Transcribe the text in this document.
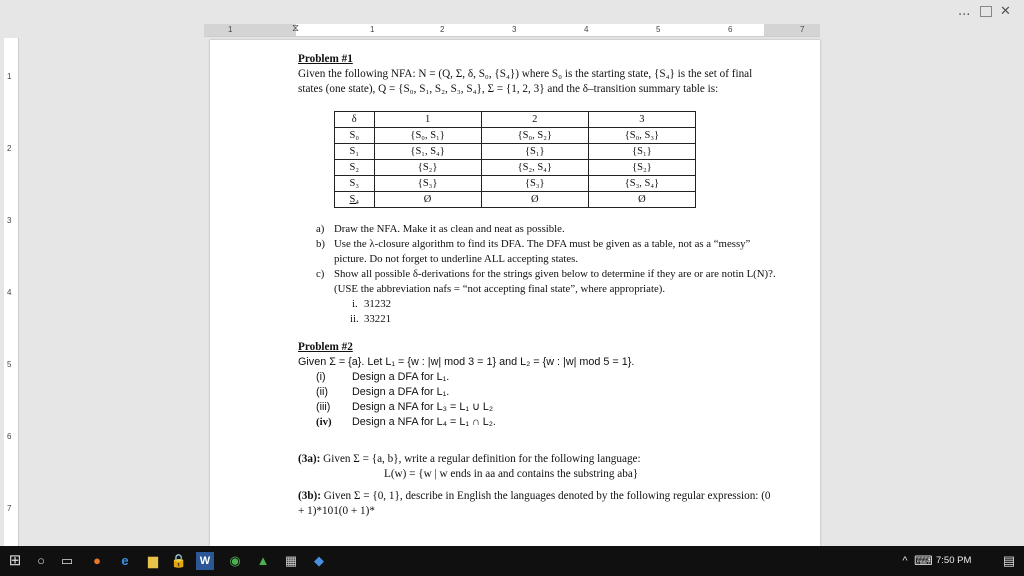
... ✕
1	⧖	1	2	3	4	5	6	7
1
2
3
4
5
6
7

Problem #1

Given the following NFA: N = (Q, Σ, δ, S₀, {S₄}) where S₀ is the starting state, {S₄} is the set of final states (one state), Q = {S₀, S₁, S₂, S₃, S₄}, Σ = {1, 2, 3} and the δ–transition summary table is:

δ	1	2	3
S₀	{S₀, S₁}	{S₀, S₂}	{S₀, S₃}
S₁	{S₁, S₄}	{S₁}	{S₁}
S₂	{S₂}	{S₂, S₄}	{S₂}
S₃	{S₃}	{S₃}	{S₃, S₄}
S₄	Ø	Ø	Ø
a) Draw the NFA. Make it as clean and neat as possible.
b) Use the λ-closure algorithm to find its DFA. The DFA must be given as a table, not as a “messy” picture. Do not forget to underline ALL accepting states.
c) Show all possible δ-derivations for the strings given below to determine if they are or are notin L(N)?. (USE the abbreviation nafs = “not accepting final state”, where appropriate).
i. 31232
ii. 33221

Problem #2

Given Σ = {a}. Let L₁ = {w : |w| mod 3 = 1} and L₂ = {w : |w| mod 5 = 1}.

(i) Design a DFA for L₁.
(ii) Design a DFA for L₁.
(iii) Design a NFA for L₃ = L₁ ∪ L₂
(iv) Design a NFA for L₄ = L₁ ∩ L₂.

(3a): Given Σ = {a, b}, write a regular definition for the following language:

L(w) = {w | w ends in aa and contains the substring aba}

(3b): Given Σ = {0, 1}, describe in English the languages denoted by the following regular expression: (0 + 1)*101(0 + 1)*

⊞	○	▭	●	e	▆ 🔒	W ◉ ▲ ▦	◆	^ ⌨ 7:50 PM ▤
